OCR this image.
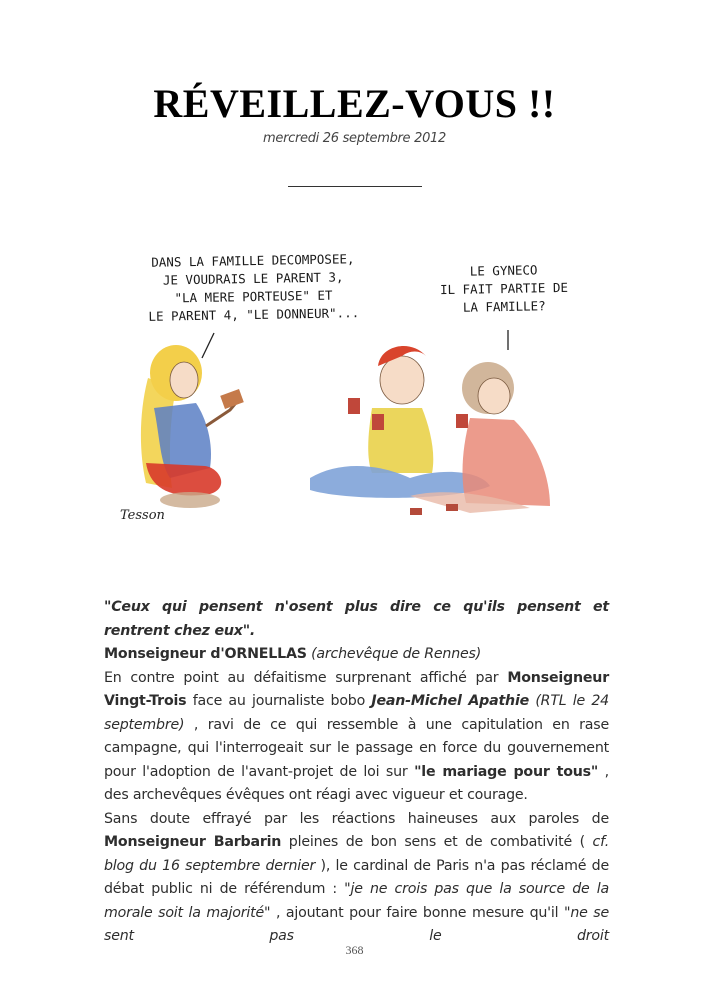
RÉVEILLEZ-VOUS !!
mercredi 26 septembre 2012
DANS LA FAMILLE DECOMPOSEE,
JE VOUDRAIS LE PARENT 3,
"LA MERE PORTEUSE" ET
LE PARENT 4, "LE DONNEUR"...
LE GYNECO
IL FAIT PARTIE DE
LA FAMILLE?
Tesson

"Ceux qui pensent n'osent plus dire ce qu'ils pensent et rentrent chez eux".

Monseigneur d'ORNELLAS (archevêque de Rennes)

En contre point au défaitisme surprenant affiché par Monseigneur Vingt-Trois face au journaliste bobo Jean-Michel Apathie (RTL le 24 septembre) , ravi de ce qui ressemble à une capitulation en rase campagne, qui l'interrogeait sur le passage en force du gouvernement pour l'adoption de l'avant-projet de loi sur "le mariage pour tous" , des archevêques évêques ont réagi avec vigueur et courage.

Sans doute effrayé par les réactions haineuses aux paroles de Monseigneur Barbarin pleines de bon sens et de combativité ( cf. blog du 16 septembre dernier ), le cardinal de Paris n'a pas réclamé de débat public ni de référendum : "je ne crois pas que la source de la morale soit la majorité" , ajoutant pour faire bonne mesure qu'il "ne se sent pas le droit

368
